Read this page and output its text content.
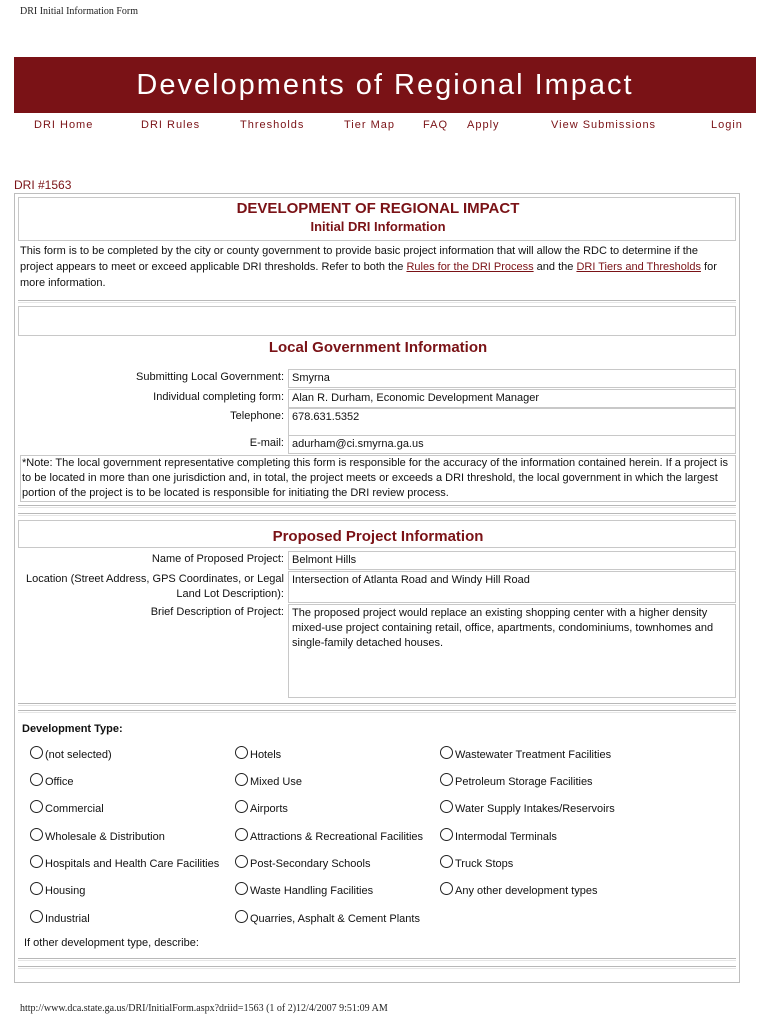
DRI Initial Information Form
Developments of Regional Impact
DRI Home	DRI Rules	Thresholds	Tier Map	FAQ Apply	View Submissions	Login
DRI #1563
DEVELOPMENT OF REGIONAL IMPACT
Initial DRI Information
This form is to be completed by the city or county government to provide basic project information that will allow the RDC to determine if the project appears to meet or exceed applicable DRI thresholds. Refer to both the Rules for the DRI Process and the DRI Tiers and Thresholds for more information.
Local Government Information
Submitting Local Government: Smyrna
Individual completing form: Alan R. Durham, Economic Development Manager
Telephone: 678.631.5352
E-mail: adurham@ci.smyrna.ga.us
*Note: The local government representative completing this form is responsible for the accuracy of the information contained herein. If a project is to be located in more than one jurisdiction and, in total, the project meets or exceeds a DRI threshold, the local government in which the largest portion of the project is to be located is responsible for initiating the DRI review process.
Proposed Project Information
Name of Proposed Project: Belmont Hills
Location (Street Address, GPS Coordinates, or Legal Land Lot Description):
Intersection of Atlanta Road and Windy Hill Road
Brief Description of Project: The proposed project would replace an existing shopping center with a higher density mixed-use project containing retail, office, apartments, condominiums, townhomes and single-family detached houses.
Development Type:
(not selected)
Office
Commercial
Wholesale & Distribution
Hospitals and Health Care Facilities
Housing
Industrial
Hotels
Mixed Use
Airports
Attractions & Recreational Facilities
Post-Secondary Schools
Waste Handling Facilities
Quarries, Asphalt & Cement Plants
Wastewater Treatment Facilities
Petroleum Storage Facilities
Water Supply Intakes/Reservoirs
Intermodal Terminals
Truck Stops
Any other development types
If other development type, describe:
http://www.dca.state.ga.us/DRI/InitialForm.aspx?driid=1563 (1 of 2)12/4/2007 9:51:09 AM
